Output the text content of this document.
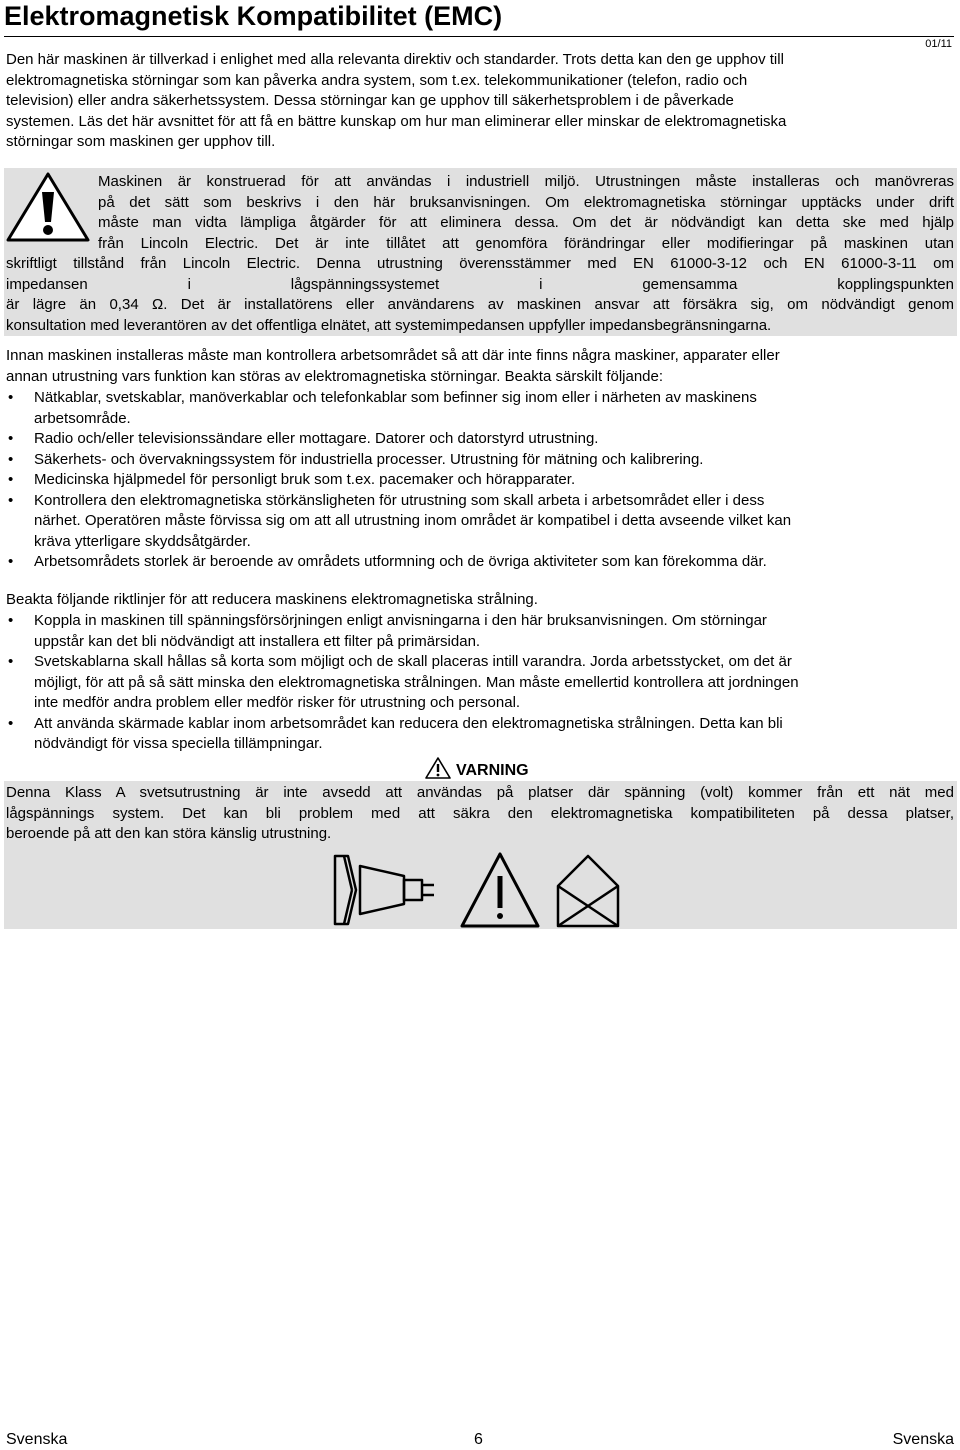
Elektromagnetisk Kompatibilitet (EMC)
01/11
Den här maskinen är tillverkad i enlighet med alla relevanta direktiv och standarder. Trots detta kan den ge upphov till
elektromagnetiska störningar som kan påverka andra system, som t.ex. telekommunikationer (telefon, radio och
television) eller andra säkerhetssystem. Dessa störningar kan ge upphov till säkerhetsproblem i de påverkade
systemen. Läs det här avsnittet för att få en bättre kunskap om hur man eliminerar eller minskar de elektromagnetiska
störningar som maskinen ger upphov till.
Maskinen är konstruerad för att användas i industriell miljö. Utrustningen måste installeras och manövreras
på det sätt som beskrivs i den här bruksanvisningen. Om elektromagnetiska störningar upptäcks under drift
måste man vidta lämpliga åtgärder för att eliminera dessa. Om det är nödvändigt kan detta ske med hjälp
från Lincoln Electric. Det är inte tillåtet att genomföra förändringar eller modifieringar på maskinen utan
skriftligt tillstånd från Lincoln Electric. Denna utrustning överensstämmer med EN 61000-3-12 och EN 61000-3-11 om
impedansen i lågspänningssystemet i gemensamma kopplingspunkten
är lägre än 0,34 Ω. Det är installatörens eller användarens av maskinen ansvar att försäkra sig, om nödvändigt genom
konsultation med leverantören av det offentliga elnätet, att systemimpedansen uppfyller impedansbegränsningarna.
Innan maskinen installeras måste man kontrollera arbetsområdet så att där inte finns några maskiner, apparater eller
annan utrustning vars funktion kan störas av elektromagnetiska störningar. Beakta särskilt följande:
• Nätkablar, svetskablar, manöverkablar och telefonkablar som befinner sig inom eller i närheten av maskinens
arbetsområde.
• Radio och/eller televisionssändare eller mottagare. Datorer och datorstyrd utrustning.
• Säkerhets- och övervakningssystem för industriella processer. Utrustning för mätning och kalibrering.
• Medicinska hjälpmedel för personligt bruk som t.ex. pacemaker och hörapparater.
• Kontrollera den elektromagnetiska störkänsligheten för utrustning som skall arbeta i arbetsområdet eller i dess
närhet. Operatören måste förvissa sig om att all utrustning inom området är kompatibel i detta avseende vilket kan
kräva ytterligare skyddsåtgärder.
• Arbetsområdets storlek är beroende av områdets utformning och de övriga aktiviteter som kan förekomma där.
Beakta följande riktlinjer för att reducera maskinens elektromagnetiska strålning.
• Koppla in maskinen till spänningsförsörjningen enligt anvisningarna i den här bruksanvisningen. Om störningar
uppstår kan det bli nödvändigt att installera ett filter på primärsidan.
• Svetskablarna skall hållas så korta som möjligt och de skall placeras intill varandra. Jorda arbetsstycket, om det är
möjligt, för att på så sätt minska den elektromagnetiska strålningen. Man måste emellertid kontrollera att jordningen
inte medför andra problem eller medför risker för utrustning och personal.
• Att använda skärmade kablar inom arbetsområdet kan reducera den elektromagnetiska strålningen. Detta kan bli
nödvändigt för vissa speciella tillämpningar.
VARNING
Denna Klass A svetsutrustning är inte avsedd att användas på platser där spänning (volt) kommer från ett nät med
lågspännings system. Det kan bli problem med att säkra den elektromagnetiska kompatibiliteten på dessa platser,
beroende på att den kan störa känslig utrustning.
Svenska	6	Svenska
